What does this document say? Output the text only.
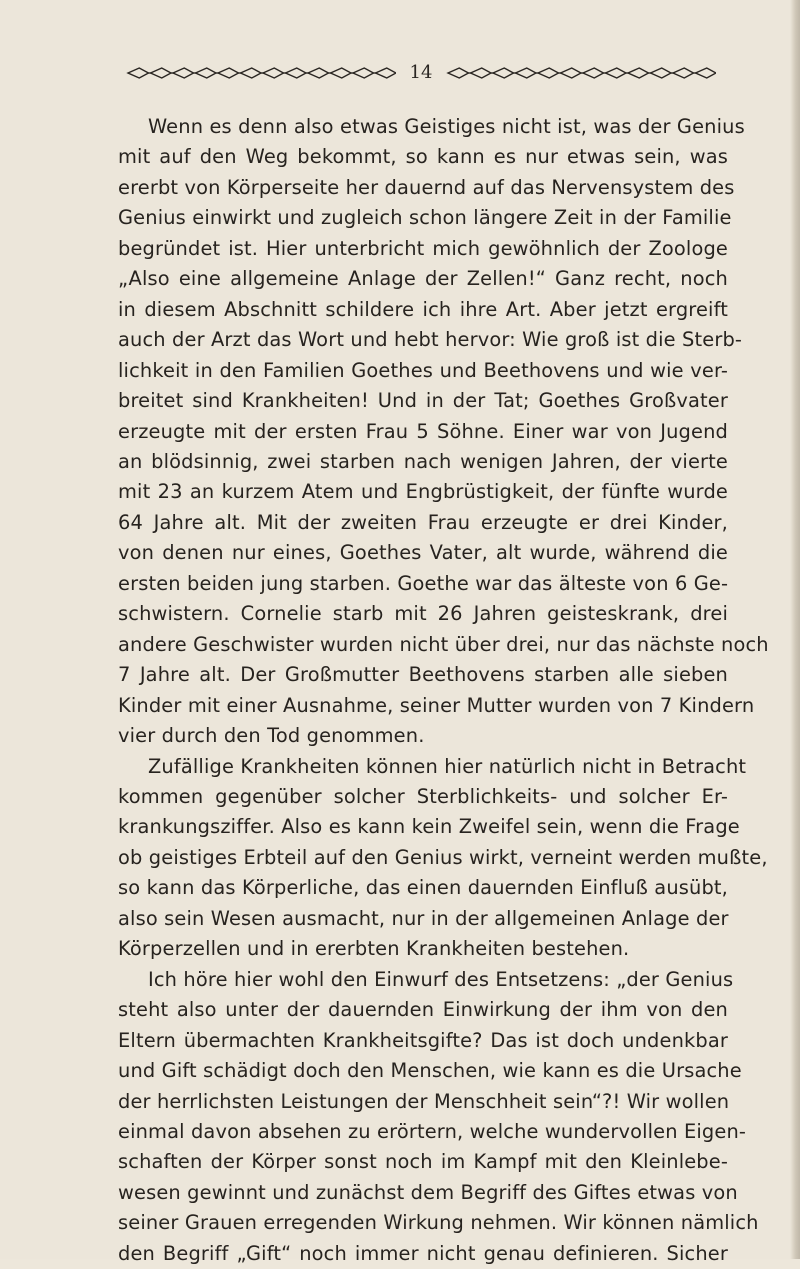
14
Wenn es denn also etwas Geistiges nicht ist, was der Genius
mit auf den Weg bekommt, so kann es nur etwas sein, was
ererbt von Körperseite her dauernd auf das Nervensystem des
Genius einwirkt und zugleich schon längere Zeit in der Familie
begründet ist. Hier unterbricht mich gewöhnlich der Zoologe
„Also eine allgemeine Anlage der Zellen!“ Ganz recht, noch
in diesem Abschnitt schildere ich ihre Art. Aber jetzt ergreift
auch der Arzt das Wort und hebt hervor: Wie groß ist die Sterb-
lichkeit in den Familien Goethes und Beethovens und wie ver-
breitet sind Krankheiten! Und in der Tat; Goethes Großvater
erzeugte mit der ersten Frau 5 Söhne. Einer war von Jugend
an blödsinnig, zwei starben nach wenigen Jahren, der vierte
mit 23 an kurzem Atem und Engbrüstigkeit, der fünfte wurde
64 Jahre alt. Mit der zweiten Frau erzeugte er drei Kinder,
von denen nur eines, Goethes Vater, alt wurde, während die
ersten beiden jung starben. Goethe war das älteste von 6 Ge-
schwistern. Cornelie starb mit 26 Jahren geisteskrank, drei
andere Geschwister wurden nicht über drei, nur das nächste noch
7 Jahre alt. Der Großmutter Beethovens starben alle sieben
Kinder mit einer Ausnahme, seiner Mutter wurden von 7 Kindern
vier durch den Tod genommen.
Zufällige Krankheiten können hier natürlich nicht in Betracht
kommen gegenüber solcher Sterblichkeits- und solcher Er-
krankungsziffer. Also es kann kein Zweifel sein, wenn die Frage
ob geistiges Erbteil auf den Genius wirkt, verneint werden mußte,
so kann das Körperliche, das einen dauernden Einfluß ausübt,
also sein Wesen ausmacht, nur in der allgemeinen Anlage der
Körperzellen und in ererbten Krankheiten bestehen.
Ich höre hier wohl den Einwurf des Entsetzens: „der Genius
steht also unter der dauernden Einwirkung der ihm von den
Eltern übermachten Krankheitsgifte? Das ist doch undenkbar
und Gift schädigt doch den Menschen, wie kann es die Ursache
der herrlichsten Leistungen der Menschheit sein“?! Wir wollen
einmal davon absehen zu erörtern, welche wundervollen Eigen-
schaften der Körper sonst noch im Kampf mit den Kleinlebe-
wesen gewinnt und zunächst dem Begriff des Giftes etwas von
seiner Grauen erregenden Wirkung nehmen. Wir können nämlich
den Begriff „Gift“ noch immer nicht genau definieren. Sicher
